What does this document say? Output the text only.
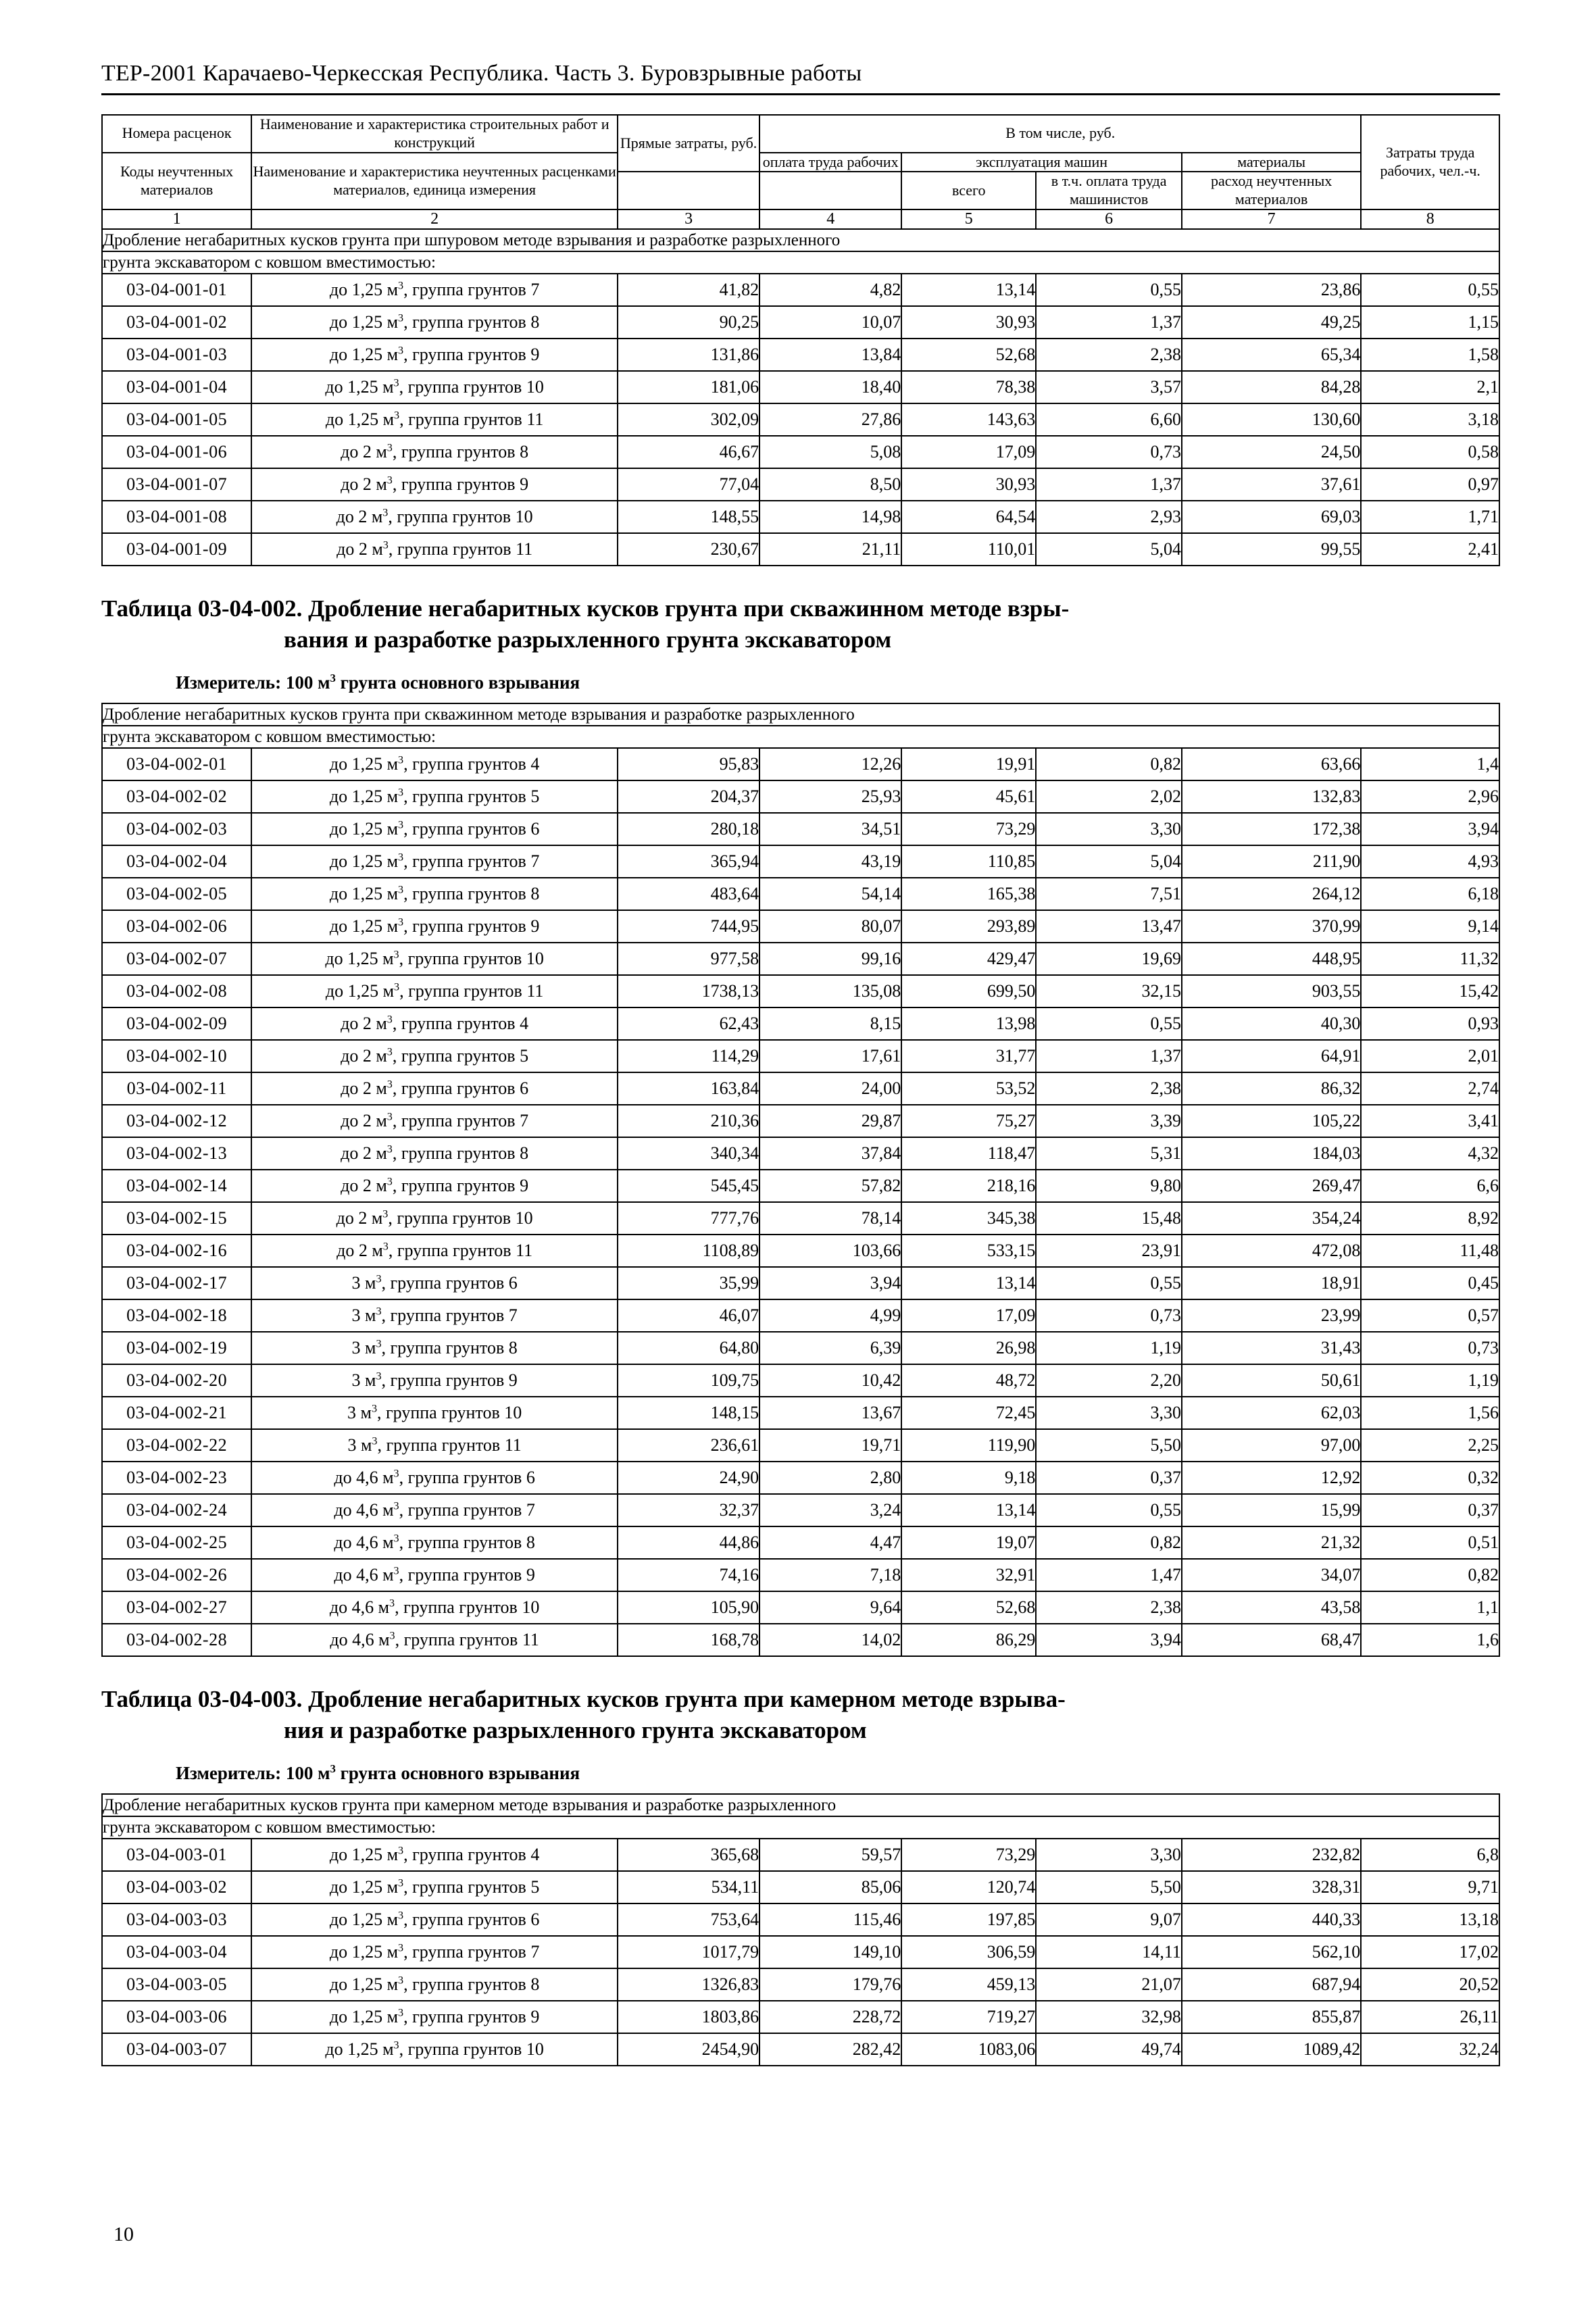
ТЕР-2001 Карачаево-Черкесская Республика. Часть 3. Буровзрывные работы
Номера расценок	Наименование и характеристика строительных работ и конструкций	Прямые затраты, руб.	В том числе, руб.				Затраты труда рабочих, чел.-ч.
Коды неучтенных материалов	Наименование и характеристика неучтенных расценками материалов, единица измерения		оплата труда рабочих	эксплуатация машин		материалы	
				всего	в т.ч. оплата труда машинистов	расход неучтенных материалов	

1	2	3	4	5	6	7	8
Дробление негабаритных кусков грунта при шпуровом методе взрывания и разработке разрыхленного							
грунта экскаватором с ковшом вместимостью:							
03-04-001-01	до 1,25 $м^3$, группа грунтов 7	41,82	4,82	13,14	0,55	23,86	0,55
03-04-001-02	до 1,25 $м^3$, группа грунтов 8	90,25	10,07	30,93	1,37	49,25	1,15
03-04-001-03	до 1,25 $м^3$, группа грунтов 9	131,86	13,84	52,68	2,38	65,34	1,58
03-04-001-04	до 1,25 $м^3$, группа грунтов 10	181,06	18,40	78,38	3,57	84,28	2,1
03-04-001-05	до 1,25 $м^3$, группа грунтов 11	302,09	27,86	143,63	6,60	130,60	3,18
03-04-001-06	до 2 $м^3$, группа грунтов 8	46,67	5,08	17,09	0,73	24,50	0,58
03-04-001-07	до 2 $м^3$, группа грунтов 9	77,04	8,50	30,93	1,37	37,61	0,97
03-04-001-08	до 2 $м^3$, группа грунтов 10	148,55	14,98	64,54	2,93	69,03	1,71
03-04-001-09	до 2 $м^3$, группа грунтов 11	230,67	21,11	110,01	5,04	99,55	2,41
Таблица 03-04-002. Дробление негабаритных кусков грунта при скважинном методе взры-
вания и разработке разрыхленного грунта экскаватором
Измеритель: 100 $м^3$ грунта основного взрывания
Дробление негабаритных кусков грунта при скважинном методе взрывания и разработке разрыхленного							
грунта экскаватором с ковшом вместимостью:							
03-04-002-01	до 1,25 $м^3$, группа грунтов 4	95,83	12,26	19,91	0,82	63,66	1,4
03-04-002-02	до 1,25 $м^3$, группа грунтов 5	204,37	25,93	45,61	2,02	132,83	2,96
03-04-002-03	до 1,25 $м^3$, группа грунтов 6	280,18	34,51	73,29	3,30	172,38	3,94
03-04-002-04	до 1,25 $м^3$, группа грунтов 7	365,94	43,19	110,85	5,04	211,90	4,93
03-04-002-05	до 1,25 $м^3$, группа грунтов 8	483,64	54,14	165,38	7,51	264,12	6,18
03-04-002-06	до 1,25 $м^3$, группа грунтов 9	744,95	80,07	293,89	13,47	370,99	9,14
03-04-002-07	до 1,25 $м^3$, группа грунтов 10	977,58	99,16	429,47	19,69	448,95	11,32
03-04-002-08	до 1,25 $м^3$, группа грунтов 11	1738,13	135,08	699,50	32,15	903,55	15,42
03-04-002-09	до 2 $м^3$, группа грунтов 4	62,43	8,15	13,98	0,55	40,30	0,93
03-04-002-10	до 2 $м^3$, группа грунтов 5	114,29	17,61	31,77	1,37	64,91	2,01
03-04-002-11	до 2 $м^3$, группа грунтов 6	163,84	24,00	53,52	2,38	86,32	2,74
03-04-002-12	до 2 $м^3$, группа грунтов 7	210,36	29,87	75,27	3,39	105,22	3,41
03-04-002-13	до 2 $м^3$, группа грунтов 8	340,34	37,84	118,47	5,31	184,03	4,32
03-04-002-14	до 2 $м^3$, группа грунтов 9	545,45	57,82	218,16	9,80	269,47	6,6
03-04-002-15	до 2 $м^3$, группа грунтов 10	777,76	78,14	345,38	15,48	354,24	8,92
03-04-002-16	до 2 $м^3$, группа грунтов 11	1108,89	103,66	533,15	23,91	472,08	11,48
03-04-002-17	3 $м^3$, группа грунтов 6	35,99	3,94	13,14	0,55	18,91	0,45
03-04-002-18	3 $м^3$, группа грунтов 7	46,07	4,99	17,09	0,73	23,99	0,57
03-04-002-19	3 $м^3$, группа грунтов 8	64,80	6,39	26,98	1,19	31,43	0,73
03-04-002-20	3 $м^3$, группа грунтов 9	109,75	10,42	48,72	2,20	50,61	1,19
03-04-002-21	3 $м^3$, группа грунтов 10	148,15	13,67	72,45	3,30	62,03	1,56
03-04-002-22	3 $м^3$, группа грунтов 11	236,61	19,71	119,90	5,50	97,00	2,25
03-04-002-23	до 4,6 $м^3$, группа грунтов 6	24,90	2,80	9,18	0,37	12,92	0,32
03-04-002-24	до 4,6 $м^3$, группа грунтов 7	32,37	3,24	13,14	0,55	15,99	0,37
03-04-002-25	до 4,6 $м^3$, группа грунтов 8	44,86	4,47	19,07	0,82	21,32	0,51
03-04-002-26	до 4,6 $м^3$, группа грунтов 9	74,16	7,18	32,91	1,47	34,07	0,82
03-04-002-27	до 4,6 $м^3$, группа грунтов 10	105,90	9,64	52,68	2,38	43,58	1,1
03-04-002-28	до 4,6 $м^3$, группа грунтов 11	168,78	14,02	86,29	3,94	68,47	1,6
Таблица 03-04-003. Дробление негабаритных кусков грунта при камерном методе взрыва-
ния и разработке разрыхленного грунта экскаватором
Измеритель: 100 $м^3$ грунта основного взрывания
Дробление негабаритных кусков грунта при камерном методе взрывания и разработке разрыхленного							
грунта экскаватором с ковшом вместимостью:							
03-04-003-01	до 1,25 $м^3$, группа грунтов 4	365,68	59,57	73,29	3,30	232,82	6,8
03-04-003-02	до 1,25 $м^3$, группа грунтов 5	534,11	85,06	120,74	5,50	328,31	9,71
03-04-003-03	до 1,25 $м^3$, группа грунтов 6	753,64	115,46	197,85	9,07	440,33	13,18
03-04-003-04	до 1,25 $м^3$, группа грунтов 7	1017,79	149,10	306,59	14,11	562,10	17,02
03-04-003-05	до 1,25 $м^3$, группа грунтов 8	1326,83	179,76	459,13	21,07	687,94	20,52
03-04-003-06	до 1,25 $м^3$, группа грунтов 9	1803,86	228,72	719,27	32,98	855,87	26,11
03-04-003-07	до 1,25 $м^3$, группа грунтов 10	2454,90	282,42	1083,06	49,74	1089,42	32,24
10
